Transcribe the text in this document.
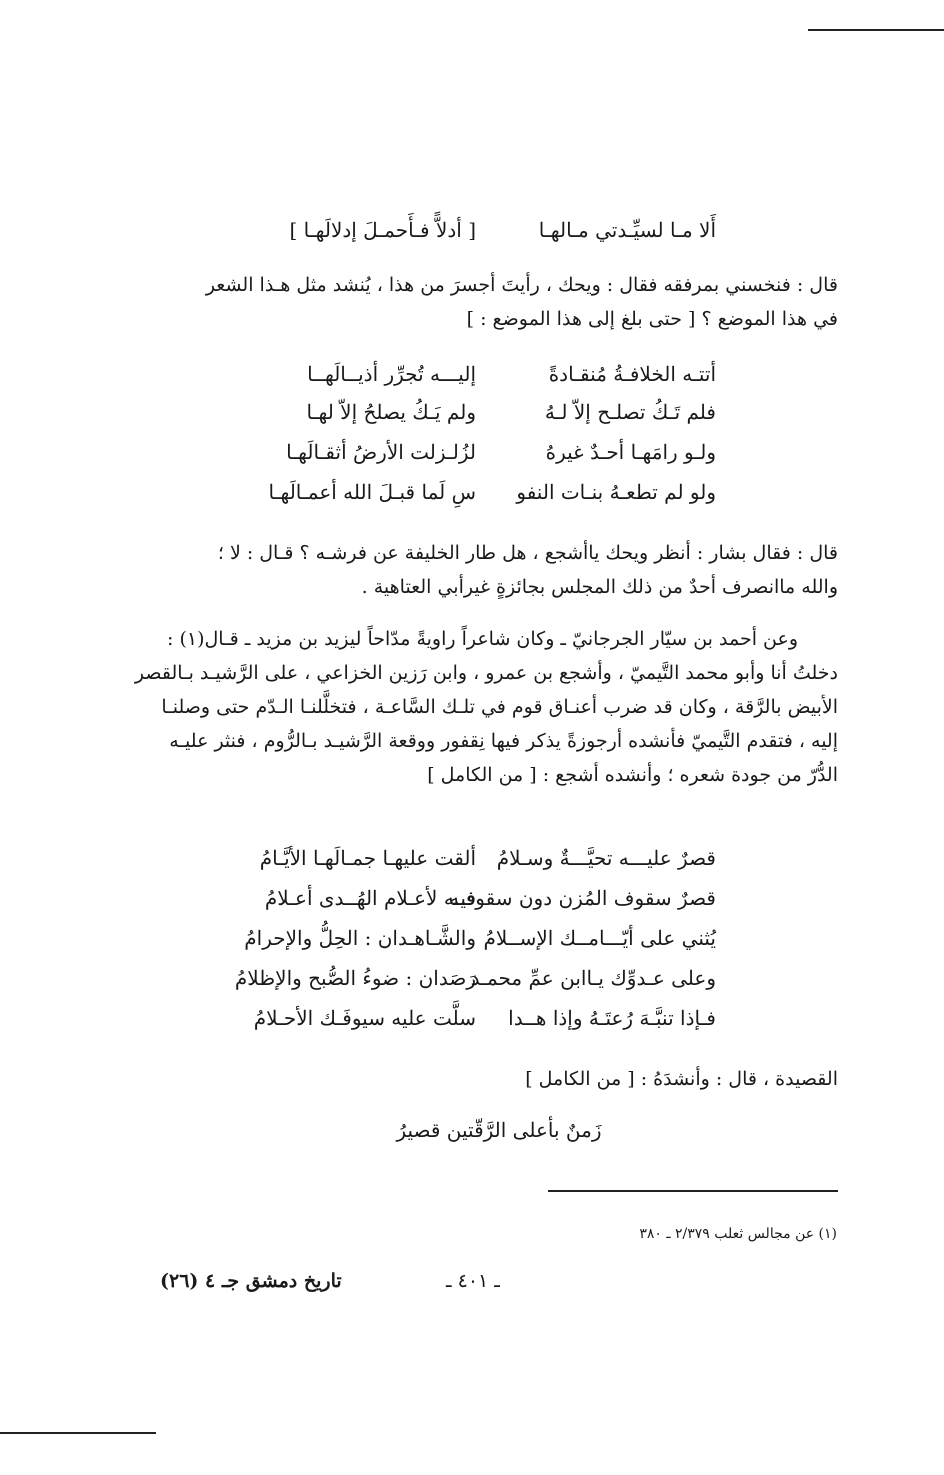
أَلا مـا لسيِّـدتي مـالهـا
[ أدلاًّ فـأَحمـلَ إدلالَهـا ]
قال : فنخسني بمرفقه فقال : ويحك ، رأيتَ أجسرَ من هذا ، يُنشد مثل هـذا الشعر
في هذا الموضع ؟ [ حتى بلغ إلى هذا الموضع : ]
أتتـه الخلافـةُ مُنقـادةً
إليـــه تُجرِّر أذيــالَهــا
فلم تَـكُ تصلـح إلاّ لـهُ
ولم يَـكُ يصلحُ إلاّ لهـا
ولـو رامَهـا أحـدٌ غيرهُ
لزُلـزلت الأرضُ أثقـالَهـا
ولو لم تطعـهُ بنـات النفو
سِ لَما قبـلَ الله أعمـالَهـا
قال : فقال بشار : أنظر ويحك ياأشجع ، هل طار الخليفة عن فرشـه ؟ قـال : لا ؛
والله ماانصرف أحدٌ من ذلك المجلس بجائزةٍ غيرأبي العتاهية .
وعن أحمد بن سيّار الجرجانيّ ـ وكان شاعراً راويةً مدّاحاً ليزيد بن مزيد ـ قـال(١) :
دخلتُ أنا وأبو محمد التَّيميّ ، وأشجع بن عمرو ، وابن رَزين الخزاعي ، على الرَّشيـد بـالقصر
الأبيض بالرَّقة ، وكان قد ضرب أعنـاق قوم في تلـك السَّاعـة ، فتخلَّلنـا الـدّم حتى وصلنـا
إليه ، فتقدم التَّيميّ فأنشده أرجوزةً يذكر فيها نِقفور ووقعة الرَّشيـد بـالرُّوم ، فنثر عليـه
الدُّرّ من جودة شعره ؛ وأنشده أشجع : [ من الكامل ]
قصرٌ عليـــه تحيَّـــةٌ وسـلامُ
ألقت عليهـا جمـالَهـا الأيَّـامُ
قصرٌ سقوف المُزن دون سقوفـه
فيـه لأعـلام الهُــدى أعـلامُ
يُثني على أيّـــامــك الإســلامُ
والشَّـاهـدان : الحِلُّ والإحرامُ
وعلى عـدوِّك يـاابن عمِّ محمـد
رَصَدان : ضوءُ الصُّبح والإظلامُ
فـإذا تنبَّـهَ رُعتَـهُ وإذا هــدا
سلَّت عليه سيوفَـك الأحـلامُ
القصيدة ، قال : وأنشدَهُ : [ من الكامل ]
زَمنٌ بأعلى الرَّقّتين قصيرُ
(١) عن مجالس ثعلب ٢/٣٧٩ ـ ٣٨٠
ـ ٤٠١ ـ
تاريخ دمشق جـ ٤ (٢٦)
